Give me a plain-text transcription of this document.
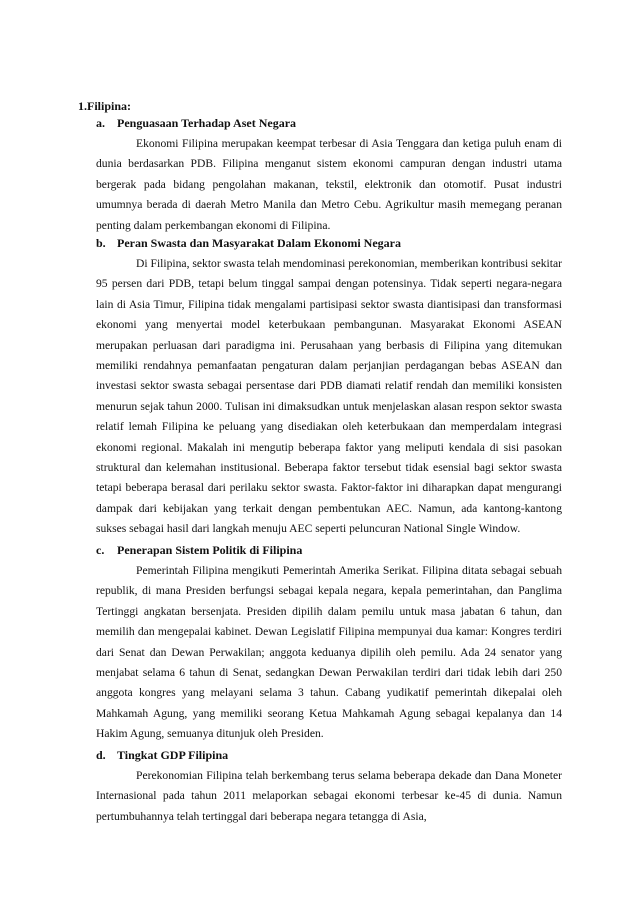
1.Filipina:
a. Penguasaan Terhadap Aset Negara

Ekonomi Filipina merupakan keempat terbesar di Asia Tenggara dan ketiga puluh enam di dunia berdasarkan PDB. Filipina menganut sistem ekonomi campuran dengan industri utama bergerak pada bidang pengolahan makanan, tekstil, elektronik dan otomotif. Pusat industri umumnya berada di daerah Metro Manila dan Metro Cebu. Agrikultur masih memegang peranan penting dalam perkembangan ekonomi di Filipina.

b. Peran Swasta dan Masyarakat Dalam Ekonomi Negara

Di Filipina, sektor swasta telah mendominasi perekonomian, memberikan kontribusi sekitar 95 persen dari PDB, tetapi belum tinggal sampai dengan potensinya. Tidak seperti negara-negara lain di Asia Timur, Filipina tidak mengalami partisipasi sektor swasta diantisipasi dan transformasi ekonomi yang menyertai model keterbukaan pembangunan. Masyarakat Ekonomi ASEAN merupakan perluasan dari paradigma ini. Perusahaan yang berbasis di Filipina yang ditemukan memiliki rendahnya pemanfaatan pengaturan dalam perjanjian perdagangan bebas ASEAN dan investasi sektor swasta sebagai persentase dari PDB diamati relatif rendah dan memiliki konsisten menurun sejak tahun 2000. Tulisan ini dimaksudkan untuk menjelaskan alasan respon sektor swasta relatif lemah Filipina ke peluang yang disediakan oleh keterbukaan dan memperdalam integrasi ekonomi regional. Makalah ini mengutip beberapa faktor yang meliputi kendala di sisi pasokan struktural dan kelemahan institusional. Beberapa faktor tersebut tidak esensial bagi sektor swasta tetapi beberapa berasal dari perilaku sektor swasta. Faktor-faktor ini diharapkan dapat mengurangi dampak dari kebijakan yang terkait dengan pembentukan AEC. Namun, ada kantong-kantong sukses sebagai hasil dari langkah menuju AEC seperti peluncuran National Single Window.

c. Penerapan Sistem Politik di Filipina

Pemerintah Filipina mengikuti Pemerintah Amerika Serikat. Filipina ditata sebagai sebuah republik, di mana Presiden berfungsi sebagai kepala negara, kepala pemerintahan, dan Panglima Tertinggi angkatan bersenjata. Presiden dipilih dalam pemilu untuk masa jabatan 6 tahun, dan memilih dan mengepalai kabinet. Dewan Legislatif Filipina mempunyai dua kamar: Kongres terdiri dari Senat dan Dewan Perwakilan; anggota keduanya dipilih oleh pemilu. Ada 24 senator yang menjabat selama 6 tahun di Senat, sedangkan Dewan Perwakilan terdiri dari tidak lebih dari 250 anggota kongres yang melayani selama 3 tahun. Cabang yudikatif pemerintah dikepalai oleh Mahkamah Agung, yang memiliki seorang Ketua Mahkamah Agung sebagai kepalanya dan 14 Hakim Agung, semuanya ditunjuk oleh Presiden.

d. Tingkat GDP Filipina

Perekonomian Filipina telah berkembang terus selama beberapa dekade dan Dana Moneter Internasional pada tahun 2011 melaporkan sebagai ekonomi terbesar ke-45 di dunia. Namun pertumbuhannya telah tertinggal dari beberapa negara tetangga di Asia,
